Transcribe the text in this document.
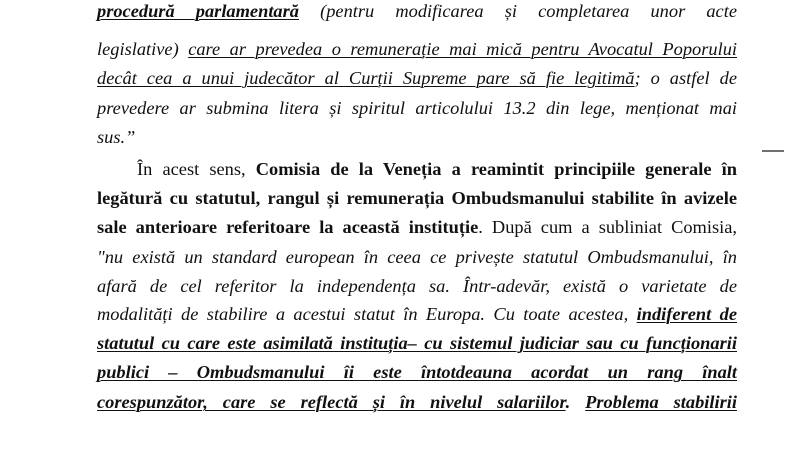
procedură parlamentară (pentru modificarea și completarea unor acte
legislative) care ar prevedea o remunerație mai mică pentru Avocatul Poporului
decât cea a unui judecător al Curții Supreme pare să fie legitimă; o astfel de
prevedere ar submina litera și spiritul articolului 13.2 din lege, menționat mai
sus.”
În acest sens, Comisia de la Veneția a reamintit principiile generale în
legătură cu statutul, rangul și remunerația Ombudsmanului stabilite în avizele
sale anterioare referitoare la această instituție. După cum a subliniat Comisia,
"nu există un standard european în ceea ce privește statutul Ombudsmanului, în
afară de cel referitor la independența sa. Într-adevăr, există o varietate de
modalități de stabilire a acestui statut în Europa. Cu toate acestea, indiferent de
statutul cu care este asimilată instituția– cu sistemul judiciar sau cu funcționarii
publici – Ombudsmanului îi este întotdeauna acordat un rang înalt
corespunzător, care se reflectă și în nivelul salariilor. Problema stabilirii
